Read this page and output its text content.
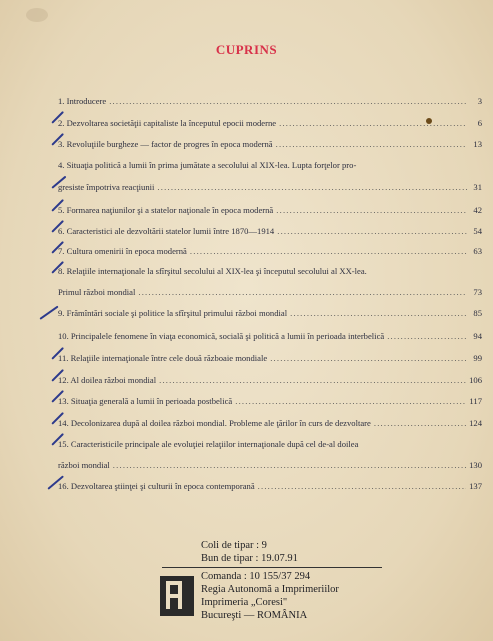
CUPRINS
1. Introducere .....	3
2. Dezvoltarea societăţii capitaliste la începutul epocii moderne .....	6
3. Revoluţiile burgheze — factor de progres în epoca modernă .....	13
4. Situaţia politică a lumii în prima jumătate a secolului al XIX-lea. Lupta forţelor pro-
gresiste împotriva reacţiunii .....	31
5. Formarea naţiunilor şi a statelor naţionale în epoca modernă .....	42
6. Caracteristici ale dezvoltării statelor lumii între 1870—1914 .....	54
7. Cultura omenirii în epoca modernă .....	63
8. Relaţiile internaţionale la sfîrşitul secolului al XIX-lea şi începutul secolului al XX-lea.
Primul război mondial .....	73
9. Frămîntări sociale şi politice la sfîrşitul primului război mondial .....	85
10. Principalele fenomene în viaţa economică, socială şi politică a lumii în perioada interbelică .....	94
11. Relaţiile internaţionale între cele două războaie mondiale .....	99
12. Al doilea război mondial .....	106
13. Situaţia generală a lumii în perioada postbelică .....	117
14. Decolonizarea după al doilea război mondial. Probleme ale ţărilor în curs de dezvoltare .....	124
15. Caracteristicile principale ale evoluţiei relaţiilor internaţionale după cel de-al doilea
război mondial .....	130
16. Dezvoltarea ştiinţei şi culturii în epoca contemporană .....	137
Coli de tipar : 9
Bun de tipar : 19.07.91
Comanda : 10 155/37 294
Regia Autonomă a Imprimeriilor
Imprimeria „Coresi"
Bucureşti — ROMÂNIA
